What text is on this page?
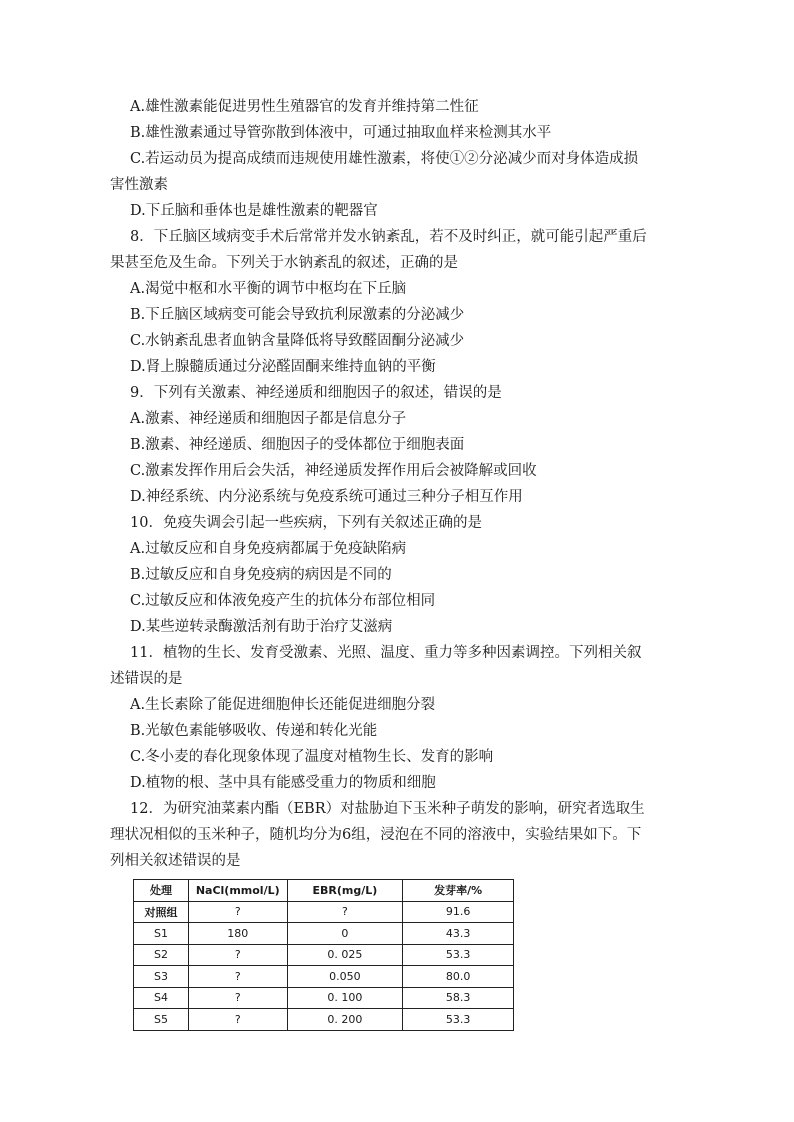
A.雄性激素能促进男性生殖器官的发育并维持第二性征
B.雄性激素通过导管弥散到体液中，可通过抽取血样来检测其水平
C.若运动员为提高成绩而违规使用雄性激素，将使①②分泌减少而对身体造成损
害性激素
D.下丘脑和垂体也是雄性激素的靶器官
8．下丘脑区域病变手术后常常并发水钠紊乱，若不及时纠正，就可能引起严重后
果甚至危及生命。下列关于水钠紊乱的叙述，正确的是
A.渴觉中枢和水平衡的调节中枢均在下丘脑
B.下丘脑区域病变可能会导致抗利尿激素的分泌减少
C.水钠紊乱患者血钠含量降低将导致醛固酮分泌减少
D.肾上腺髓质通过分泌醛固酮来维持血钠的平衡
9．下列有关激素、神经递质和细胞因子的叙述，错误的是
A.激素、神经递质和细胞因子都是信息分子
B.激素、神经递质、细胞因子的受体都位于细胞表面
C.激素发挥作用后会失活，神经递质发挥作用后会被降解或回收
D.神经系统、内分泌系统与免疫系统可通过三种分子相互作用
10．免疫失调会引起一些疾病，下列有关叙述正确的是
A.过敏反应和自身免疫病都属于免疫缺陷病
B.过敏反应和自身免疫病的病因是不同的
C.过敏反应和体液免疫产生的抗体分布部位相同
D.某些逆转录酶激活剂有助于治疗艾滋病
11．植物的生长、发育受激素、光照、温度、重力等多种因素调控。下列相关叙
述错误的是
A.生长素除了能促进细胞伸长还能促进细胞分裂
B.光敏色素能够吸收、传递和转化光能
C.冬小麦的春化现象体现了温度对植物生长、发育的影响
D.植物的根、茎中具有能感受重力的物质和细胞
12．为研究油菜素内酯（EBR）对盐胁迫下玉米种子萌发的影响，研究者选取生
理状况相似的玉米种子，随机均分为6组，浸泡在不同的溶液中，实验结果如下。下
列相关叙述错误的是
处理	NaCl(mmol/L)	EBR(mg/L)	发芽率/%
对照组	?	?	91.6
S1	180	0	43.3
S2	?	0. 025	53.3
S3	?	0.050	80.0
S4	?	0. 100	58.3
S5	?	0. 200	53.3
